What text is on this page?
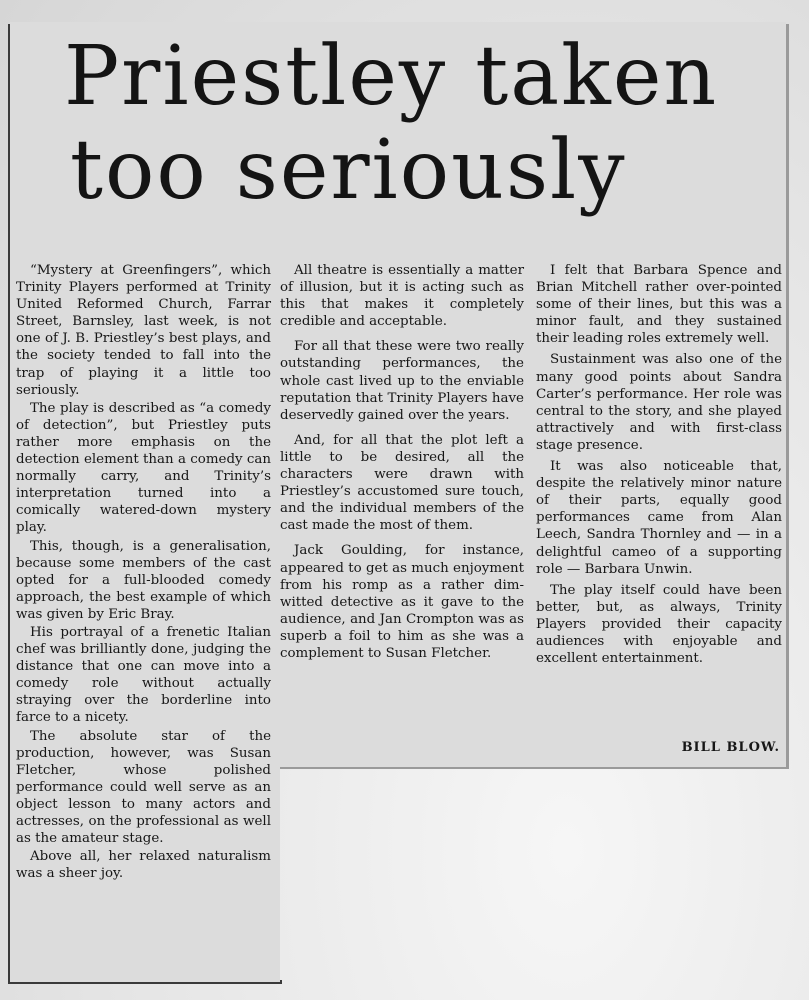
Priestley taken
too seriously

“Mystery at Greenfingers”, which Trinity Players performed at Trinity United Reformed Church, Farrar Street, Barnsley, last week, is not one of J. B. Priestley’s best plays, and the society tended to fall into the trap of playing it a little too seriously.

The play is described as “a comedy of detection”, but Priestley puts rather more emphasis on the detection element than a comedy can normally carry, and Trinity’s interpretation turned into a comically watered-down mystery play.

This, though, is a generalisation, because some members of the cast opted for a full-blooded comedy approach, the best example of which was given by Eric Bray.

His portrayal of a frenetic Italian chef was brilliantly done, judging the distance that one can move into a comedy role without actually straying over the borderline into farce to a nicety.

The absolute star of the production, however, was Susan Fletcher, whose polished performance could well serve as an object lesson to many actors and actresses, on the professional as well as the amateur stage.

Above all, her relaxed naturalism was a sheer joy.

All theatre is essentially a matter of illusion, but it is acting such as this that makes it completely credible and acceptable.

For all that these were two really outstanding performances, the whole cast lived up to the enviable reputation that Trinity Players have deservedly gained over the years.

And, for all that the plot left a little to be desired, all the characters were drawn with Priestley’s accustomed sure touch, and the individual members of the cast made the most of them.

Jack Goulding, for instance, appeared to get as much enjoyment from his romp as a rather dim-witted detective as it gave to the audience, and Jan Crompton was as superb a foil to him as she was a complement to Susan Fletcher.

I felt that Barbara Spence and Brian Mitchell rather over-pointed some of their lines, but this was a minor fault, and they sustained their leading roles extremely well.

Sustainment was also one of the many good points about Sandra Carter’s performance. Her role was central to the story, and she played attractively and with first-class stage presence.

It was also noticeable that, despite the relatively minor nature of their parts, equally good performances came from Alan Leech, Sandra Thornley and — in a delightful cameo of a supporting role — Barbara Unwin.

The play itself could have been better, but, as always, Trinity Players provided their capacity audiences with enjoyable and excellent entertainment.

BILL BLOW.
